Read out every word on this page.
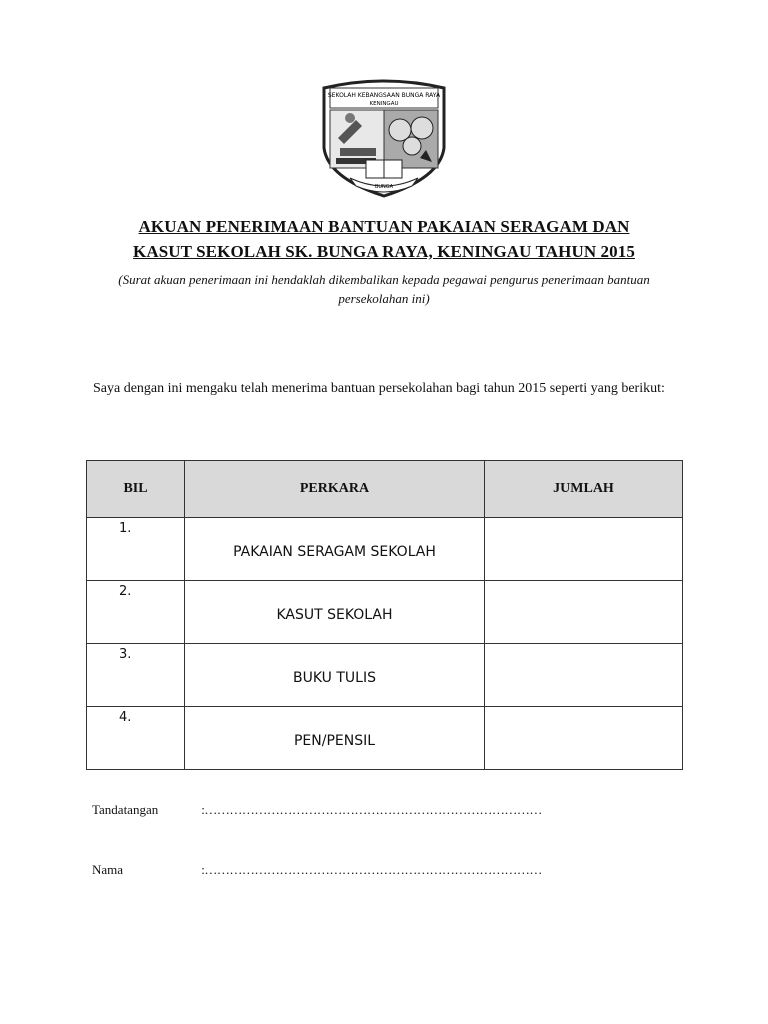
SEKOLAH KEBANGSAAN BUNGA RAYA
KENINGAU
BUNGA
AKUAN PENERIMAAN BANTUAN PAKAIAN SERAGAM DAN
KASUT SEKOLAH SK. BUNGA RAYA, KENINGAU TAHUN 2015
(Surat akuan penerimaan ini hendaklah dikembalikan kepada pegawai pengurus penerimaan bantuan persekolahan ini)
Saya dengan ini mengaku telah menerima bantuan persekolahan bagi tahun 2015 seperti yang berikut:
BIL	PERKARA	JUMLAH
1.	PAKAIAN SERAGAM SEKOLAH	
2.	KASUT SEKOLAH	
3.	BUKU TULIS	
4.	PEN/PENSIL	
Tandatangan	:………………………………………………………………………
Nama	:………………………………………………………………………
